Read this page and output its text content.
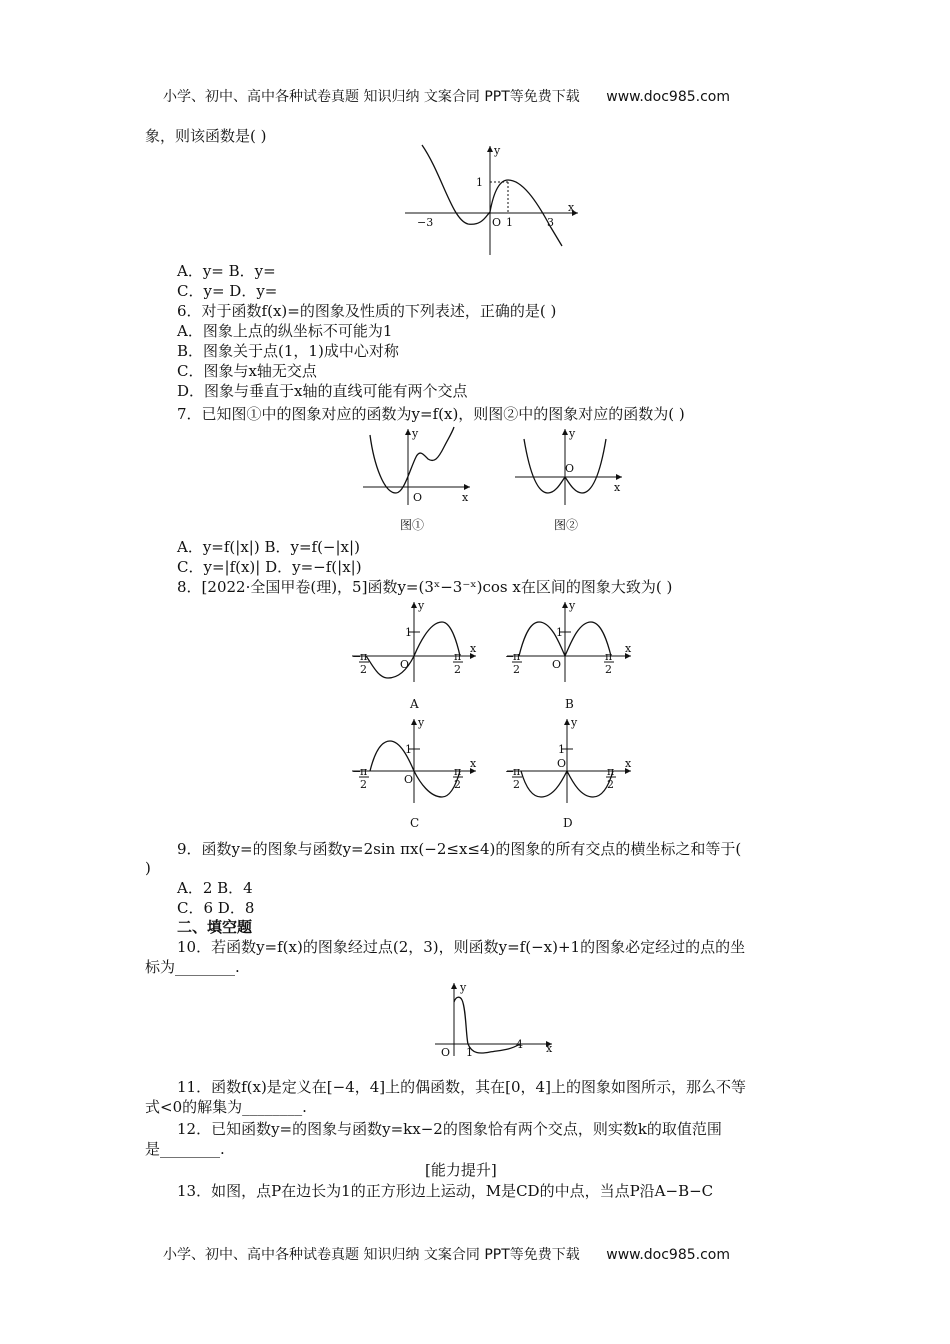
小学、初中、高中各种试卷真题 知识归纳 文案合同 PPT等免费下载 www.doc985.com
象，则该函数是( )
y
1
O
−3	1	3
x
A．y= B．y=
C．y= D．y=
6．对于函数f(x)=的图象及性质的下列表述，正确的是( )
A．图象上点的纵坐标不可能为1
B．图象关于点(1，1)成中心对称
C．图象与x轴无交点
D．图象与垂直于x轴的直线可能有两个交点
7．已知图①中的图象对应的函数为y=f(x)，则图②中的图象对应的函数为( )
y
O	x
图①
y
O
x
图②
A．y=f(|x|) B．y=f(−|x|)
C．y=|f(x)| D．y=−f(|x|)
8．[2022·全国甲卷(理)，5]函数y=(3ˣ−3⁻ˣ)cos x在区间的图象大致为( )
y
1
O
x
−
π
2
π
2
A
y
1
O
x
−
π
2
π
2
B
y
1
O
x
−
π
2
π
2
C
y
1
O	x
−
π
2
π
2
D
9．函数y=的图象与函数y=2sin πx(−2≤x≤4)的图象的所有交点的横坐标之和等于(
)
A．2 B．4
C．6 D．8
二、填空题
10．若函数y=f(x)的图象经过点(2，3)，则函数y=f(−x)+1的图象必定经过的点的坐
标为________.
y
O 1
4 x
11．函数f(x)是定义在[−4，4]上的偶函数，其在[0，4]上的图象如图所示，那么不等
式<0的解集为________.
12．已知函数y=的图象与函数y=kx−2的图象恰有两个交点，则实数k的取值范围
是________.
[能力提升]
13．如图，点P在边长为1的正方形边上运动，M是CD的中点，当点P沿A−B−C
小学、初中、高中各种试卷真题 知识归纳 文案合同 PPT等免费下载 www.doc985.com
